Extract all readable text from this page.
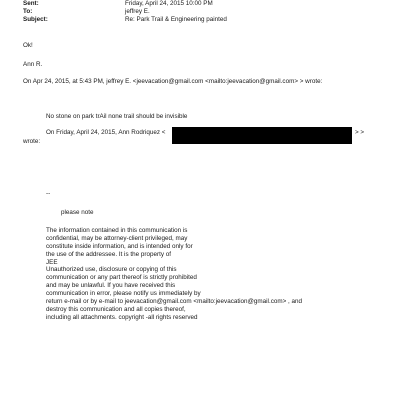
Sent:	Friday, April 24, 2015 10:00 PM
To:	jeffrey E.
Subject:	Re: Park Trail & Engineering painted
Ok!
Ann R.
On Apr 24, 2015, at 5:43 PM, jeffrey E. <jeevacation@gmail.com <mailto:jeevacation@gmail.com> > wrote:
No stone on park trAil none trail should be invisible
On Friday, April 24, 2015, Ann Rodriquez <	> >
wrote:
--
please note
The information contained in this communication is
confidential, may be attorney-client privileged, may
constitute inside information, and is intended only for
the use of the addressee. It is the property of
JEE
Unauthorized use, disclosure or copying of this
communication or any part thereof is strictly prohibited
and may be unlawful. If you have received this
communication in error, please notify us immediately by
return e-mail or by e-mail to jeevacation@gmail.com <mailto:jeevacation@gmail.com> , and
destroy this communication and all copies thereof,
including all attachments. copyright -all rights reserved
